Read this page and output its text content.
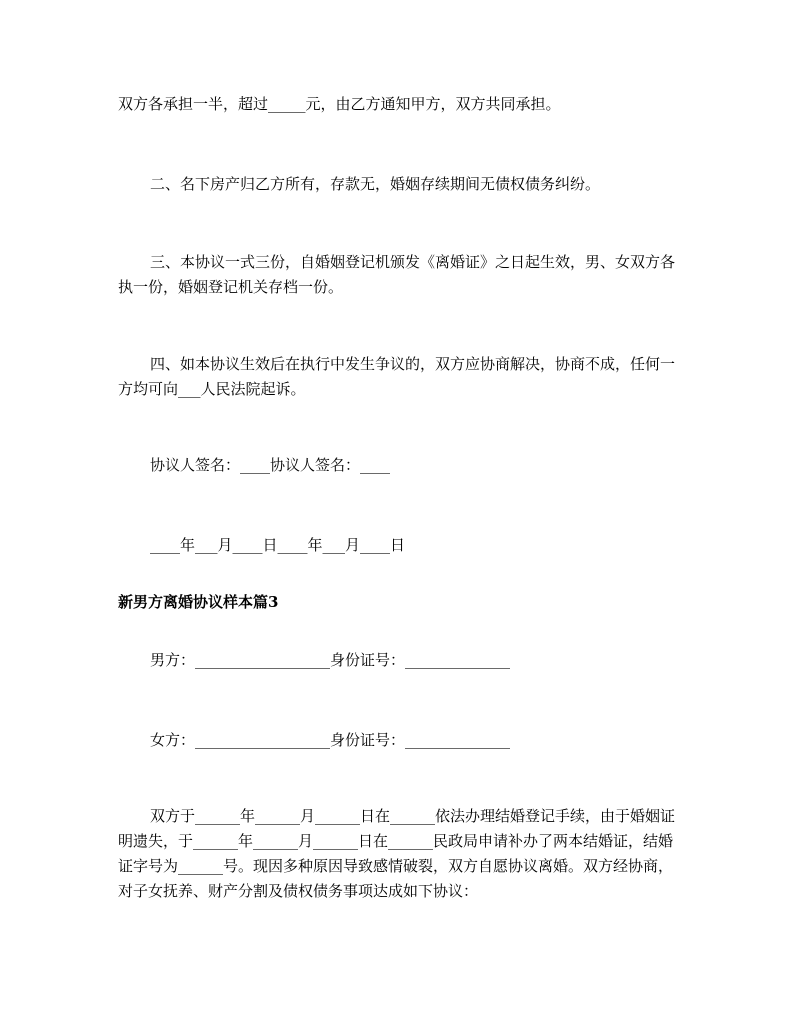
双方各承担一半，超过_____元，由乙方通知甲方，双方共同承担。

二、名下房产归乙方所有，存款无，婚姻存续期间无债权债务纠纷。

三、本协议一式三份，自婚姻登记机颁发《离婚证》之日起生效，男、女双方各执一份，婚姻登记机关存档一份。

四、如本协议生效后在执行中发生争议的，双方应协商解决，协商不成，任何一方均可向___人民法院起诉。

协议人签名：____协议人签名：____

____年___月____日____年___月____日

新男方离婚协议样本篇3

男方：__________________身份证号：______________

女方：__________________身份证号：______________

双方于______年______月______日在______依法办理结婚登记手续，由于婚姻证明遗失，于______年______月______日在______民政局申请补办了两本结婚证，结婚证字号为______号。现因多种原因导致感情破裂，双方自愿协议离婚。双方经协商，对子女抚养、财产分割及债权债务事项达成如下协议：
